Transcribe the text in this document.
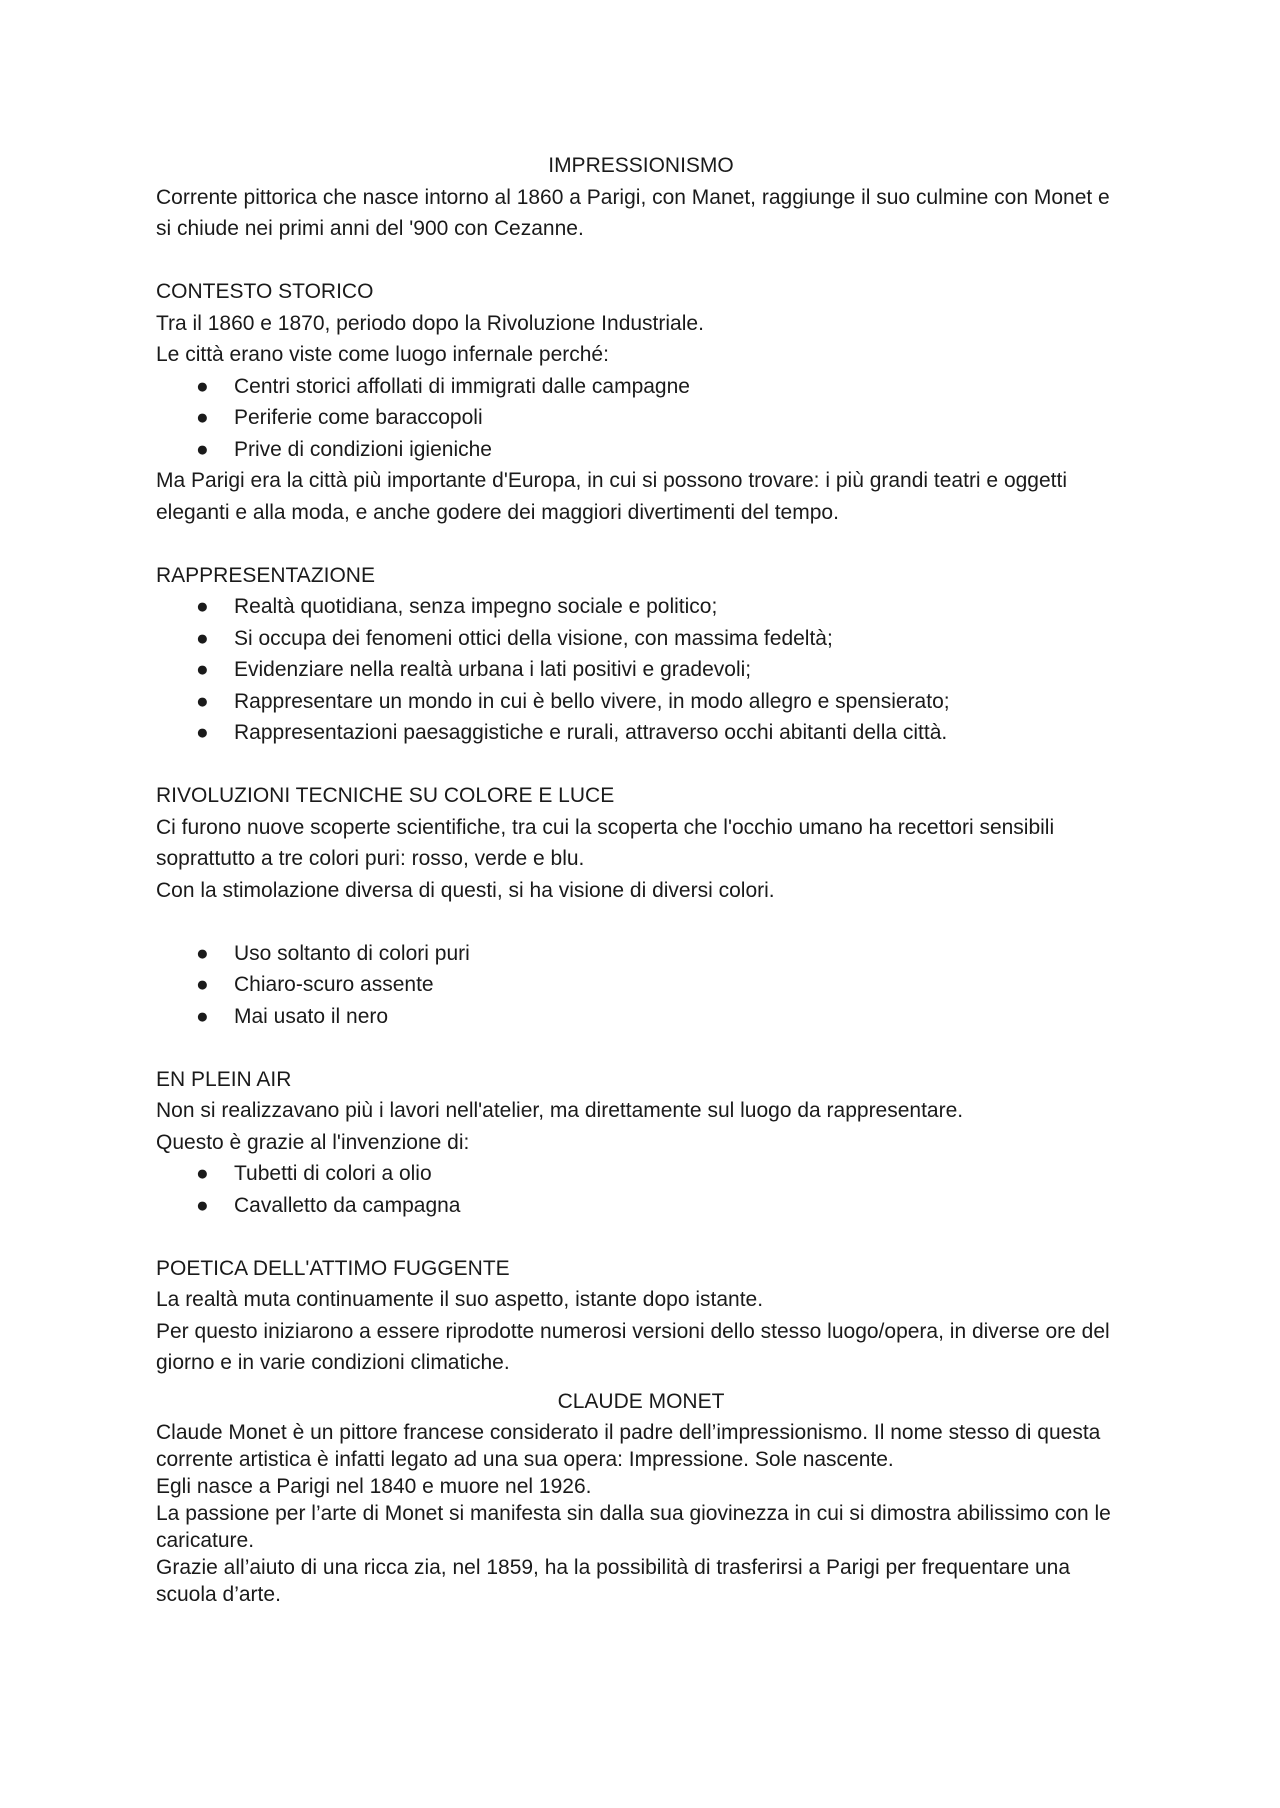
IMPRESSIONISMO

Corrente pittorica che nasce intorno al 1860 a Parigi, con Manet, raggiunge il suo culmine con Monet e si chiude nei primi anni del '900 con Cezanne.

CONTESTO STORICO
Tra il 1860 e 1870, periodo dopo la Rivoluzione Industriale.
Le città erano viste come luogo infernale perché:
● Centri storici affollati di immigrati dalle campagne
● Periferie come baraccopoli
● Prive di condizioni igieniche

Ma Parigi era la città più importante d'Europa, in cui si possono trovare: i più grandi teatri e oggetti eleganti e alla moda, e anche godere dei maggiori divertimenti del tempo.

RAPPRESENTAZIONE
● Realtà quotidiana, senza impegno sociale e politico;
● Si occupa dei fenomeni ottici della visione, con massima fedeltà;
● Evidenziare nella realtà urbana i lati positivi e gradevoli;
● Rappresentare un mondo in cui è bello vivere, in modo allegro e spensierato;
● Rappresentazioni paesaggistiche e rurali, attraverso occhi abitanti della città.
RIVOLUZIONI TECNICHE SU COLORE E LUCE

Ci furono nuove scoperte scientifiche, tra cui la scoperta che l'occhio umano ha recettori sensibili soprattutto a tre colori puri: rosso, verde e blu.

Con la stimolazione diversa di questi, si ha visione di diversi colori.
● Uso soltanto di colori puri
● Chiaro-scuro assente
● Mai usato il nero
EN PLEIN AIR
Non si realizzavano più i lavori nell'atelier, ma direttamente sul luogo da rappresentare.
Questo è grazie al l'invenzione di:
● Tubetti di colori a olio
● Cavalletto da campagna
POETICA DELL'ATTIMO FUGGENTE
La realtà muta continuamente il suo aspetto, istante dopo istante.

Per questo iniziarono a essere riprodotte numerosi versioni dello stesso luogo/opera, in diverse ore del giorno e in varie condizioni climatiche.

CLAUDE MONET

Claude Monet è un pittore francese considerato il padre dell’impressionismo. Il nome stesso di questa corrente artistica è infatti legato ad una sua opera: Impressione. Sole nascente.

Egli nasce a Parigi nel 1840 e muore nel 1926.

La passione per l’arte di Monet si manifesta sin dalla sua giovinezza in cui si dimostra abilissimo con le caricature.

Grazie all’aiuto di una ricca zia, nel 1859, ha la possibilità di trasferirsi a Parigi per frequentare una scuola d’arte.
